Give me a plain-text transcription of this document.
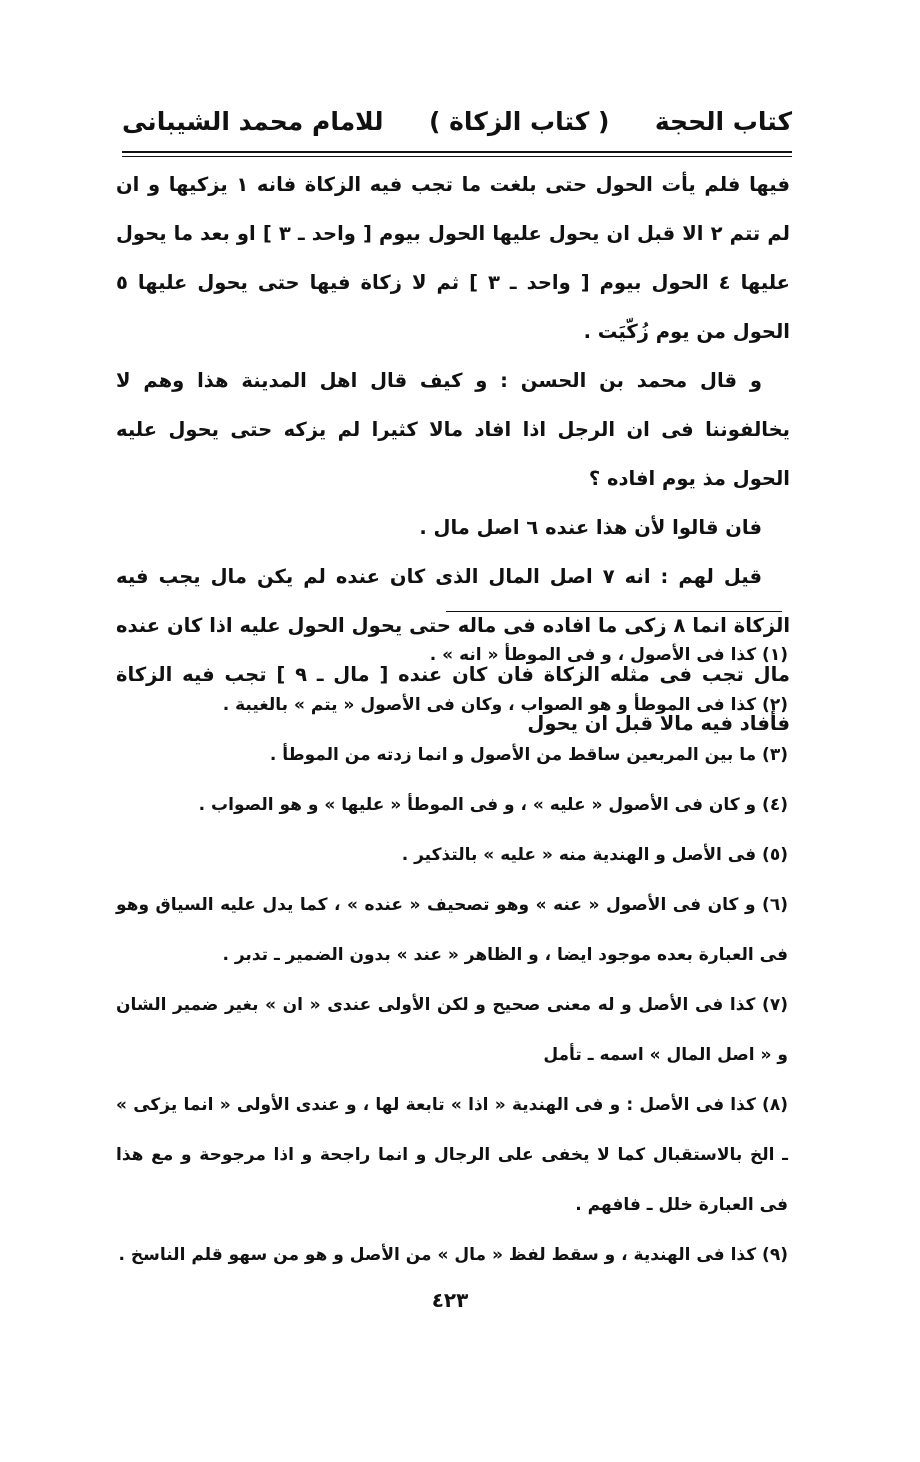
كتاب الحجة
( كتاب الزكاة )
للامام محمد الشيبانى

فيها فلم يأت الحول حتى بلغت ما تجب فيه الزكاة فانه ١ يزكيها و ان لم تتم ٢ الا قبل ان يحول عليها الحول بيوم [ واحد ـ ٣ ] او بعد ما يحول عليها ٤ الحول بيوم [ واحد ـ ٣ ] ثم لا زكاة فيها حتى يحول عليها ٥ الحول من يوم زُكّيَت .

و قال محمد بن الحسن : و كيف قال اهل المدينة هذا وهم لا يخالفوننا فى ان الرجل اذا افاد مالا كثيرا لم يزكه حتى يحول عليه الحول مذ يوم افاده ؟

فان قالوا لأن هذا عنده ٦ اصل مال .

قيل لهم : انه ٧ اصل المال الذى كان عنده لم يكن مال يجب فيه الزكاة انما ٨ زكى ما افاده فى ماله حتى يحول الحول عليه اذا كان عنده مال تجب فى مثله الزكاة فان كان عنده [ مال ـ ٩ ] تجب فيه الزكاة فأفاد فيه مالا قبل ان يحول

(١) كذا فى الأصول ، و فى الموطأ « انه » .

(٢) كذا فى الموطأ و هو الصواب ، وكان فى الأصول « يتم » بالغيبة .

(٣) ما بين المربعين ساقط من الأصول و انما زدته من الموطأ .

(٤) و كان فى الأصول « عليه » ، و فى الموطأ « عليها » و هو الصواب .

(٥) فى الأصل و الهندية منه « عليه » بالتذكير .

(٦) و كان فى الأصول « عنه » وهو تصحيف « عنده » ، كما يدل عليه السياق وهو فى العبارة بعده موجود ايضا ، و الظاهر « عند » بدون الضمير ـ تدبر .

(٧) كذا فى الأصل و له معنى صحيح و لكن الأولى عندى « ان » بغير ضمير الشان و « اصل المال » اسمه ـ تأمل

(٨) كذا فى الأصل : و فى الهندية « اذا » تابعة لها ، و عندى الأولى « انما يزكى » ـ الخ بالاستقبال كما لا يخفى على الرجال و انما راجحة و اذا مرجوحة و مع هذا فى العبارة خلل ـ فافهم .

(٩) كذا فى الهندية ، و سقط لفظ « مال » من الأصل و هو من سهو قلم الناسخ .

٤٢٣
